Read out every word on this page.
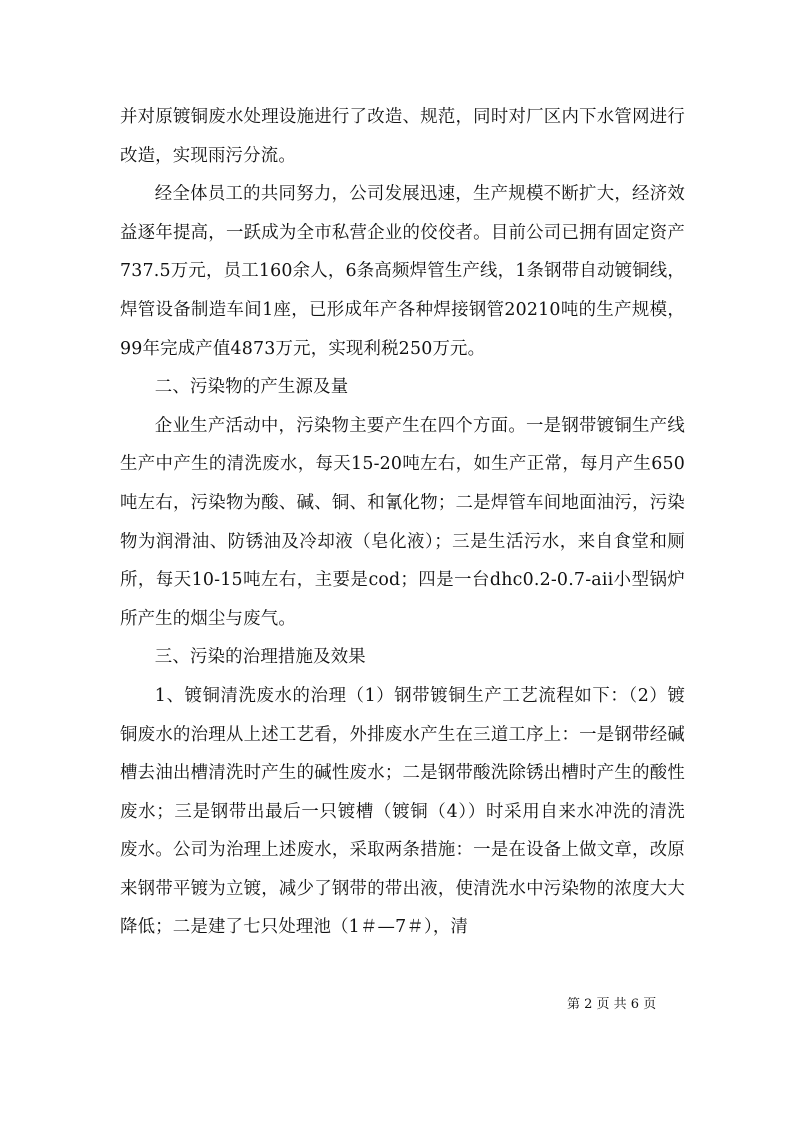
并对原镀铜废水处理设施进行了改造、规范，同时对厂区内下水管网进行改造，实现雨污分流。

经全体员工的共同努力，公司发展迅速，生产规模不断扩大，经济效益逐年提高，一跃成为全市私营企业的佼佼者。目前公司已拥有固定资产737.5万元，员工160余人，6条高频焊管生产线，1条钢带自动镀铜线，焊管设备制造车间1座，已形成年产各种焊接钢管20210吨的生产规模，99年完成产值4873万元，实现利税250万元。

二、污染物的产生源及量

企业生产活动中，污染物主要产生在四个方面。一是钢带镀铜生产线生产中产生的清洗废水，每天15-20吨左右，如生产正常，每月产生650吨左右，污染物为酸、碱、铜、和氰化物；二是焊管车间地面油污，污染物为润滑油、防锈油及冷却液（皂化液）；三是生活污水，来自食堂和厕所，每天10-15吨左右，主要是cod；四是一台dhc0.2-0.7-aii小型锅炉所产生的烟尘与废气。

三、污染的治理措施及效果

1、镀铜清洗废水的治理（1）钢带镀铜生产工艺流程如下：（2）镀铜废水的治理从上述工艺看，外排废水产生在三道工序上：一是钢带经碱槽去油出槽清洗时产生的碱性废水；二是钢带酸洗除锈出槽时产生的酸性废水；三是钢带出最后一只镀槽（镀铜（4））时采用自来水冲洗的清洗废水。公司为治理上述废水，采取两条措施：一是在设备上做文章，改原来钢带平镀为立镀，减少了钢带的带出液，使清洗水中污染物的浓度大大降低；二是建了七只处理池（1＃—7＃），清

第 2 页 共 6 页
